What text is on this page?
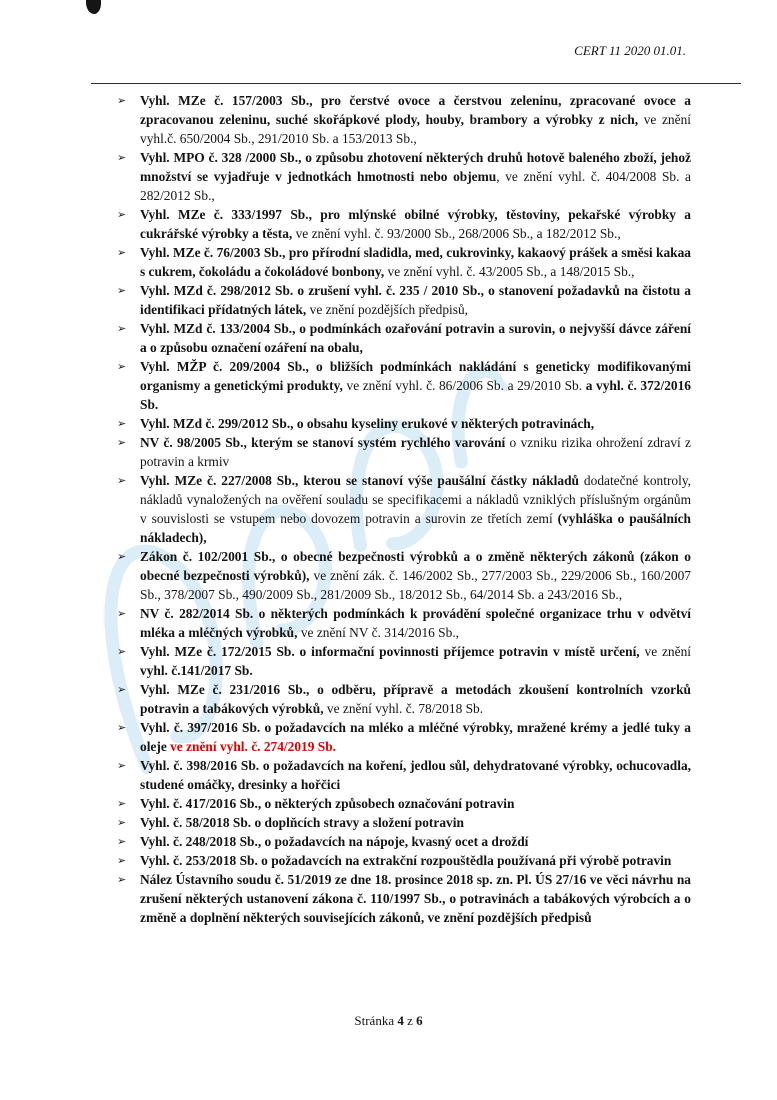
CERT 11 2020 01.01.
➢	Vyhl. MZe č. 157/2003 Sb., pro čerstvé ovoce a čerstvou zeleninu, zpracované ovoce a zpracovanou zeleninu, suché skořápkové plody, houby, brambory a výrobky z nich, ve znění vyhl.č. 650/2004 Sb., 291/2010 Sb. a 153/2013 Sb.,
➢	Vyhl. MPO č. 328 /2000 Sb., o způsobu zhotovení některých druhů hotově baleného zboží, jehož množství se vyjadřuje v jednotkách hmotnosti nebo objemu, ve znění vyhl. č. 404/2008 Sb. a 282/2012 Sb.,
➢	Vyhl. MZe č. 333/1997 Sb., pro mlýnské obilné výrobky, těstoviny, pekařské výrobky a cukrářské výrobky a těsta, ve znění vyhl. č. 93/2000 Sb., 268/2006 Sb., a 182/2012 Sb.,
➢	Vyhl. MZe č. 76/2003 Sb., pro přírodní sladidla, med, cukrovinky, kakaový prášek a směsi kakaa s cukrem, čokoládu a čokoládové bonbony, ve znění vyhl. č. 43/2005 Sb., a 148/2015 Sb.,
➢	Vyhl. MZd č. 298/2012 Sb. o zrušení vyhl. č. 235 / 2010 Sb., o stanovení požadavků na čistotu a identifikaci přídatných látek, ve znění pozdějších předpisů,
➢	Vyhl. MZd č. 133/2004 Sb., o podmínkách ozařování potravin a surovin, o nejvyšší dávce záření a o způsobu označení ozáření na obalu,
➢	Vyhl. MŽP č. 209/2004 Sb., o bližších podmínkách nakládání s geneticky modifikovanými organismy a genetickými produkty, ve znění vyhl. č. 86/2006 Sb. a 29/2010 Sb. a vyhl. č. 372/2016 Sb.
➢	Vyhl. MZd č. 299/2012 Sb., o obsahu kyseliny erukové v některých potravinách,
➢	NV č. 98/2005 Sb., kterým se stanoví systém rychlého varování o vzniku rizika ohrožení zdraví z potravin a krmiv
➢	Vyhl. MZe č. 227/2008 Sb., kterou se stanoví výše paušální částky nákladů dodatečné kontroly, nákladů vynaložených na ověření souladu se specifikacemi a nákladů vzniklých příslušným orgánům v souvislosti se vstupem nebo dovozem potravin a surovin ze třetích zemí (vyhláška o paušálních nákladech),
➢	Zákon č. 102/2001 Sb., o obecné bezpečnosti výrobků a o změně některých zákonů (zákon o obecné bezpečnosti výrobků), ve znění zák. č. 146/2002 Sb., 277/2003 Sb., 229/2006 Sb., 160/2007 Sb., 378/2007 Sb., 490/2009 Sb., 281/2009 Sb., 18/2012 Sb., 64/2014 Sb. a 243/2016 Sb.,
➢	NV č. 282/2014 Sb. o některých podmínkách k provádění společné organizace trhu v odvětví mléka a mléčných výrobků, ve znění NV č. 314/2016 Sb.,
➢	Vyhl. MZe č. 172/2015 Sb. o informační povinnosti příjemce potravin v místě určení, ve znění vyhl. č.141/2017 Sb.
➢	Vyhl. MZe č. 231/2016 Sb., o odběru, přípravě a metodách zkoušení kontrolních vzorků potravin a tabákových výrobků, ve znění vyhl. č. 78/2018 Sb.
➢	Vyhl. č. 397/2016 Sb. o požadavcích na mléko a mléčné výrobky, mražené krémy a jedlé tuky a oleje ve znění vyhl. č. 274/2019 Sb.
➢	Vyhl. č. 398/2016 Sb. o požadavcích na koření, jedlou sůl, dehydratované výrobky, ochucovadla, studené omáčky, dresinky a hořčici
➢	Vyhl. č. 417/2016 Sb., o některých způsobech označování potravin
➢	Vyhl. č. 58/2018 Sb. o doplňcích stravy a složení potravin
➢	Vyhl. č. 248/2018 Sb., o požadavcích na nápoje, kvasný ocet a droždí
➢	Vyhl. č. 253/2018 Sb. o požadavcích na extrakční rozpouštědla používaná při výrobě potravin
➢	Nález Ústavního soudu č. 51/2019 ze dne 18. prosince 2018 sp. zn. Pl. ÚS 27/16 ve věci návrhu na zrušení některých ustanovení zákona č. 110/1997 Sb., o potravinách a tabákových výrobcích a o změně a doplnění některých souvisejících zákonů, ve znění pozdějších předpisů
Stránka 4 z 6
